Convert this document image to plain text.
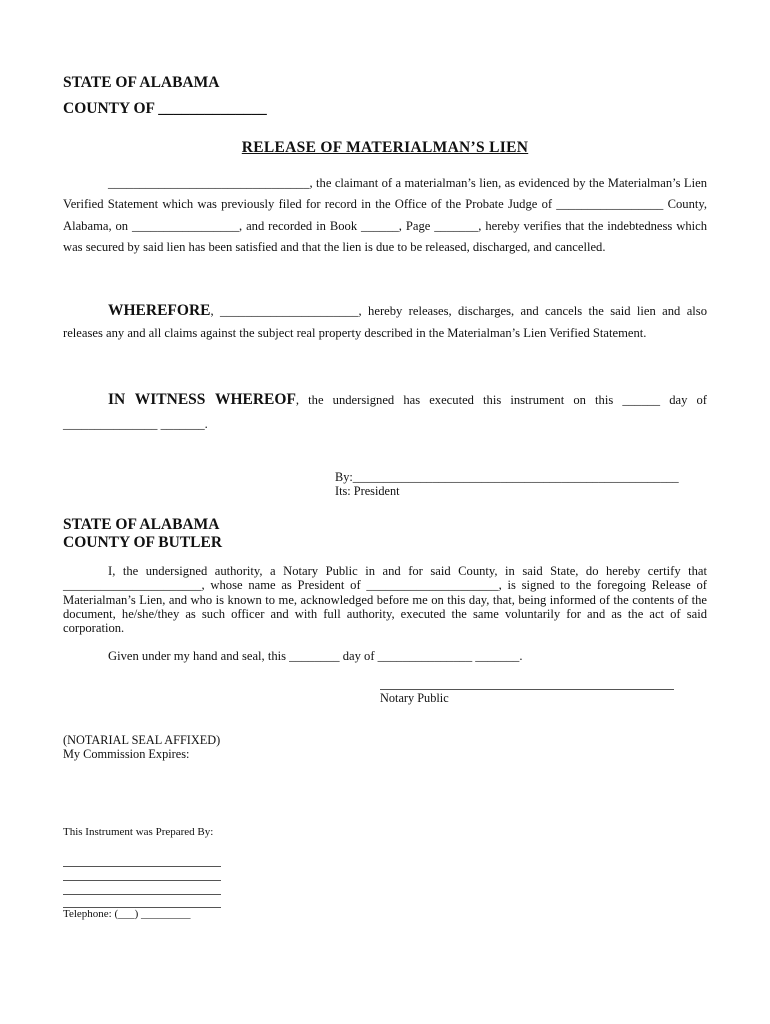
STATE OF ALABAMA
COUNTY OF ______________
RELEASE OF MATERIALMAN’S LIEN

________________________________, the claimant of a materialman’s lien, as evidenced by the Materialman’s Lien Verified Statement which was previously filed for record in the Office of the Probate Judge of _________________ County, Alabama, on _________________, and recorded in Book ______, Page _______, hereby verifies that the indebtedness which was secured by said lien has been satisfied and that the lien is due to be released, discharged, and cancelled.

WHEREFORE, ______________________, hereby releases, discharges, and cancels the said lien and also releases any and all claims against the subject real property described in the Materialman’s Lien Verified Statement.

IN WITNESS WHEREOF, the undersigned has executed this instrument on this ______ day of _______________ _______.

By:_____________________________________________________
Its: President
STATE OF ALABAMA
COUNTY OF BUTLER

I, the undersigned authority, a Notary Public in and for said County, in said State, do hereby certify that ______________________, whose name as President of _____________________, is signed to the foregoing Release of Materialman’s Lien, and who is known to me, acknowledged before me on this day, that, being informed of the contents of the document, he/she/they as such officer and with full authority, executed the same voluntarily for and as the act of said corporation.

Given under my hand and seal, this ________ day of _______________ _______.
Notary Public
(NOTARIAL SEAL AFFIXED)
My Commission Expires:
This Instrument was Prepared By:
Telephone: (___) _________
